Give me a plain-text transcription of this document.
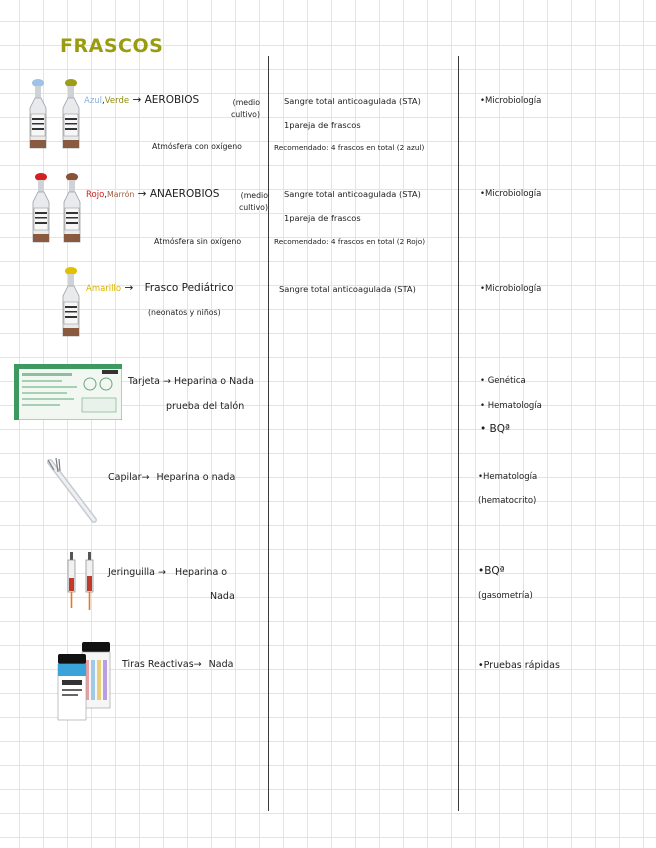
FRASCOS
Azul,Verde → AEROBIOS	(medio cultivo)
Atmósfera con oxígeno
Sangre total anticoagulada (STA)
1pareja de frascos
Recomendado: 4 frascos en total (2 azul)
•Microbiología
Rojo,Marrón → ANAEROBIOS	(medio cultivo)
Atmósfera sin oxígeno
Sangre total anticoagulada (STA)
1pareja de frascos
Recomendado: 4 frascos en total (2 Rojo)
•Microbiología
Amarillo → Frasco Pediátrico
(neonatos y niños)
Sangre total anticoagulada (STA)	•Microbiología
Tarjeta → Heparina o Nada
prueba del talón
• Genética
• Hematología
• BQª
Capilar→ Heparina o nada	•Hematología
(hematocrito)
Jeringuilla → Heparina o
Nada
•BQª
(gasometría)
Tiras Reactivas→ Nada	•Pruebas rápidas
